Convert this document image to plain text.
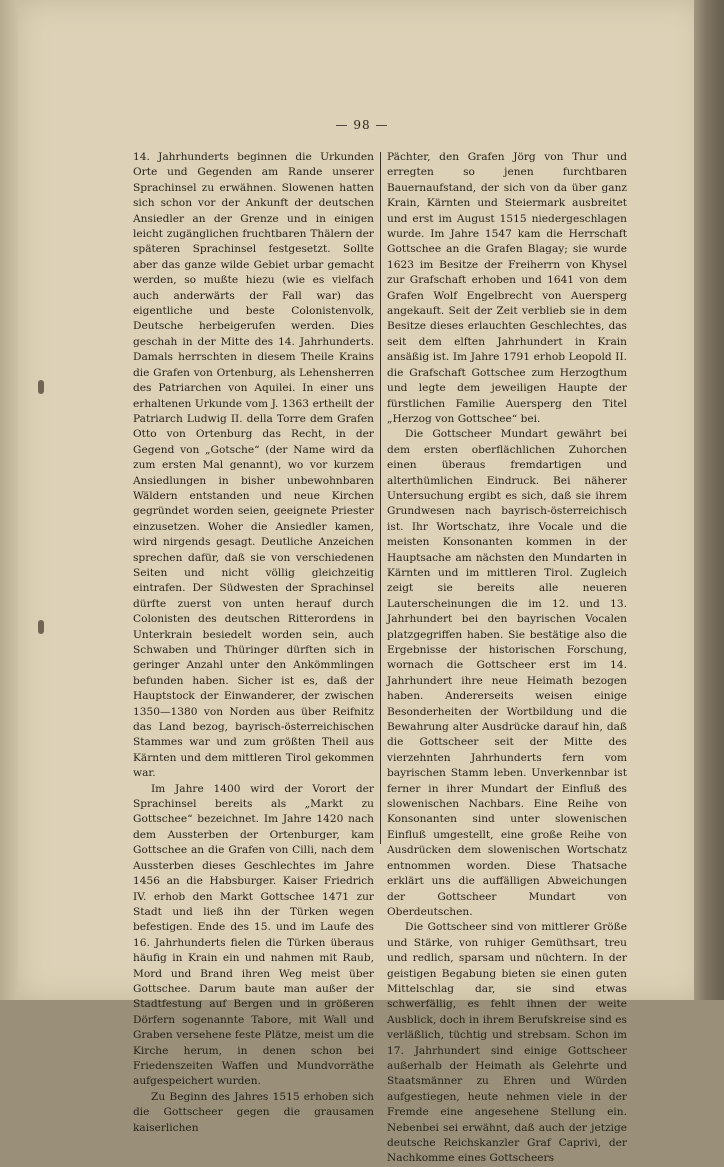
— 98 —

14. Jahrhunderts beginnen die Urkunden Orte und Gegenden am Rande unserer Sprachinsel zu erwähnen. Slowenen hatten sich schon vor der Ankunft der deutschen Ansiedler an der Grenze und in einigen leicht zugänglichen fruchtbaren Thälern der späteren Sprachinsel festgesetzt. Sollte aber das ganze wilde Gebiet urbar gemacht werden, so mußte hiezu (wie es vielfach auch anderwärts der Fall war) das eigentliche und beste Colonistenvolk, Deutsche herbeigerufen werden. Dies geschah in der Mitte des 14. Jahrhunderts. Damals herrschten in diesem Theile Krains die Grafen von Ortenburg, als Lehensherren des Patriarchen von Aquilei. In einer uns erhaltenen Urkunde vom J. 1363 ertheilt der Patriarch Ludwig II. della Torre dem Grafen Otto von Ortenburg das Recht, in der Gegend von „Gotsche“ (der Name wird da zum ersten Mal genannt), wo vor kurzem Ansiedlungen in bisher unbewohnbaren Wäldern entstanden und neue Kirchen gegründet worden seien, geeignete Priester einzusetzen. Woher die Ansiedler kamen, wird nirgends gesagt. Deutliche Anzeichen sprechen dafür, daß sie von verschiedenen Seiten und nicht völlig gleichzeitig eintrafen. Der Südwesten der Sprachinsel dürfte zuerst von unten herauf durch Colonisten des deutschen Ritterordens in Unterkrain besiedelt worden sein, auch Schwaben und Thüringer dürften sich in geringer Anzahl unter den Ankömmlingen befunden haben. Sicher ist es, daß der Hauptstock der Einwanderer, der zwischen 1350—1380 von Norden aus über Reifnitz das Land bezog, bayrisch-österreichischen Stammes war und zum größten Theil aus Kärnten und dem mittleren Tirol gekommen war.

Im Jahre 1400 wird der Vorort der Sprachinsel bereits als „Markt zu Gottschee“ bezeichnet. Im Jahre 1420 nach dem Aussterben der Ortenburger, kam Gottschee an die Grafen von Cilli, nach dem Aussterben dieses Geschlechtes im Jahre 1456 an die Habsburger. Kaiser Friedrich IV. erhob den Markt Gottschee 1471 zur Stadt und ließ ihn der Türken wegen befestigen. Ende des 15. und im Laufe des 16. Jahrhunderts fielen die Türken überaus häufig in Krain ein und nahmen mit Raub, Mord und Brand ihren Weg meist über Gottschee. Darum baute man außer der Stadtfestung auf Bergen und in größeren Dörfern sogenannte Tabore, mit Wall und Graben versehene feste Plätze, meist um die Kirche herum, in denen schon bei Friedenszeiten Waffen und Mundvorräthe aufgespeichert wurden.

Zu Beginn des Jahres 1515 erhoben sich die Gottscheer gegen die grausamen kaiserlichen

Pächter, den Grafen Jörg von Thur und erregten so jenen furchtbaren Bauernaufstand, der sich von da über ganz Krain, Kärnten und Steiermark ausbreitet und erst im August 1515 niedergeschlagen wurde. Im Jahre 1547 kam die Herrschaft Gottschee an die Grafen Blagay; sie wurde 1623 im Besitze der Freiherrn von Khysel zur Grafschaft erhoben und 1641 von dem Grafen Wolf Engelbrecht von Auersperg angekauft. Seit der Zeit verblieb sie in dem Besitze dieses erlauchten Geschlechtes, das seit dem elften Jahrhundert in Krain ansäßig ist. Im Jahre 1791 erhob Leopold II. die Grafschaft Gottschee zum Herzogthum und legte dem jeweiligen Haupte der fürstlichen Familie Auersperg den Titel „Herzog von Gottschee“ bei.

Die Gottscheer Mundart gewährt bei dem ersten oberflächlichen Zuhorchen einen überaus fremdartigen und alterthümlichen Eindruck. Bei näherer Untersuchung ergibt es sich, daß sie ihrem Grundwesen nach bayrisch-österreichisch ist. Ihr Wortschatz, ihre Vocale und die meisten Konsonanten kommen in der Hauptsache am nächsten den Mundarten in Kärnten und im mittleren Tirol. Zugleich zeigt sie bereits alle neueren Lauterscheinungen die im 12. und 13. Jahrhundert bei den bayrischen Vocalen platzgegriffen haben. Sie bestätige also die Ergebnisse der historischen Forschung, wornach die Gottscheer erst im 14. Jahrhundert ihre neue Heimath bezogen haben. Andererseits weisen einige Besonderheiten der Wortbildung und die Bewahrung alter Ausdrücke darauf hin, daß die Gottscheer seit der Mitte des vierzehnten Jahrhunderts fern vom bayrischen Stamm leben. Unverkennbar ist ferner in ihrer Mundart der Einfluß des slowenischen Nachbars. Eine Reihe von Konsonanten sind unter slowenischen Einfluß umgestellt, eine große Reihe von Ausdrücken dem slowenischen Wortschatz entnommen worden. Diese Thatsache erklärt uns die auffälligen Abweichungen der Gottscheer Mundart von Oberdeutschen.

Die Gottscheer sind von mittlerer Größe und Stärke, von ruhiger Gemüthsart, treu und redlich, sparsam und nüchtern. In der geistigen Begabung bieten sie einen guten Mittelschlag dar, sie sind etwas schwerfällig, es fehlt ihnen der weite Ausblick, doch in ihrem Berufskreise sind es verläßlich, tüchtig und strebsam. Schon im 17. Jahrhundert sind einige Gottscheer außerhalb der Heimath als Gelehrte und Staatsmänner zu Ehren und Würden aufgestiegen, heute nehmen viele in der Fremde eine angesehene Stellung ein. Nebenbei sei erwähnt, daß auch der jetzige deutsche Reichskanzler Graf Caprivi, der Nachkomme eines Gottscheers
